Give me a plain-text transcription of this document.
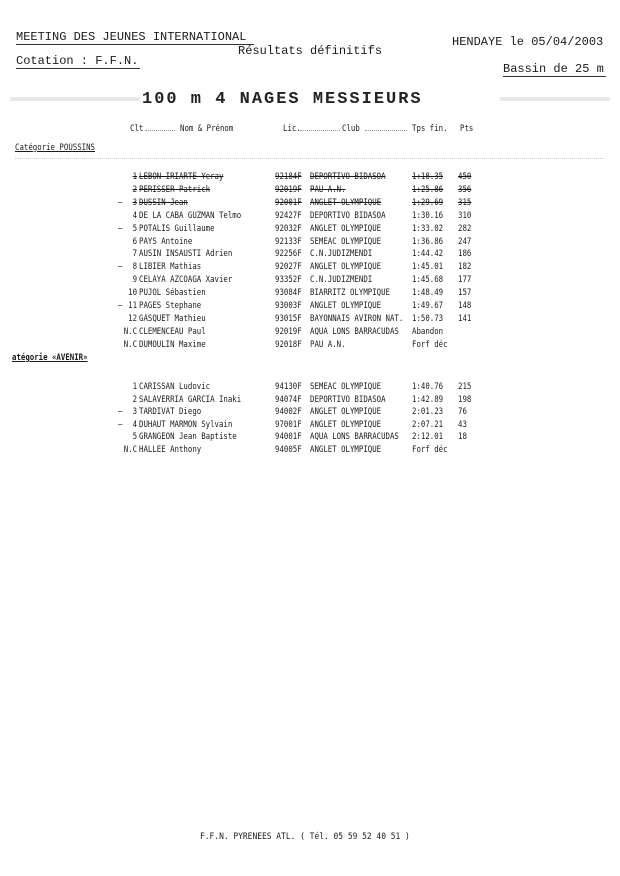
MEETING DES JEUNES INTERNATIONAL	HENDAYE le 05/04/2003
Résultats définitifs
Cotation : F.F.N.
Bassin de 25 m
100 m 4 NAGES MESSIEURS
Clt	Nom & Prénom	Lic.	Club	Tps fin. Pts
Catégorie POUSSINS
1 LEBON IRIARTE Yeray	92184F DEPORTIVO BIDASOA	1:18.35 450
2 PERISSER Patrick	92019F PAU A.N.	1:25.86 356
—	3 DUSSIN Jean	92001F ANGLET OLYMPIQUE	1:29.69 315
4 DE LA CABA GUZMAN Telmo	92427F DEPORTIVO BIDASOA	1:30.16 310
—	5 POTALIS Guillaume	92032F ANGLET OLYMPIQUE	1:33.02 282
6 PAYS Antoine	92133F SEMEAC OLYMPIQUE	1:36.86 247
7 AUSIN INSAUSTI Adrien	92256F C.N.JUDIZMENDI	1:44.42 186
—	8 LIBIER Mathias	92027F ANGLET OLYMPIQUE	1:45.01 182
9 CELAYA AZCOAGA Xavier	93352F C.N.JUDIZMENDI	1:45.68 177
10 PUJOL Sébastien	93084F BIARRITZ OLYMPIQUE 1:48.49 157
— 11 PAGES Stephane	93003F ANGLET OLYMPIQUE	1:49.67 148
12 GASQUET Mathieu	93015F BAYONNAIS AVIRON NAT. 1:50.73 141
N.C CLEMENCEAU Paul	92019F AQUA LONS BARRACUDAS Abandon
N.C DUMOULIN Maxime	92018F PAU A.N.	Forf déc
atégorie «AVENIR»
1 CARISSAN Ludovic	94130F SEMEAC OLYMPIQUE	1:40.76 215
2 SALAVERRIA GARCIA Inaki	94074F DEPORTIVO BIDASOA	1:42.89 198
—	3 TARDIVAT Diego	94002F ANGLET OLYMPIQUE	2:01.23 76
—	4 DUHAUT MARMON Sylvain	97001F ANGLET OLYMPIQUE	2:07.21 43
5 GRANGEON Jean Baptiste	94001F AQUA LONS BARRACUDAS 2:12.01 18
N.C HALLEE Anthony	94005F ANGLET OLYMPIQUE	Forf déc
F.F.N. PYRENEES ATL. ( Tél. 05 59 52 40 51 )
